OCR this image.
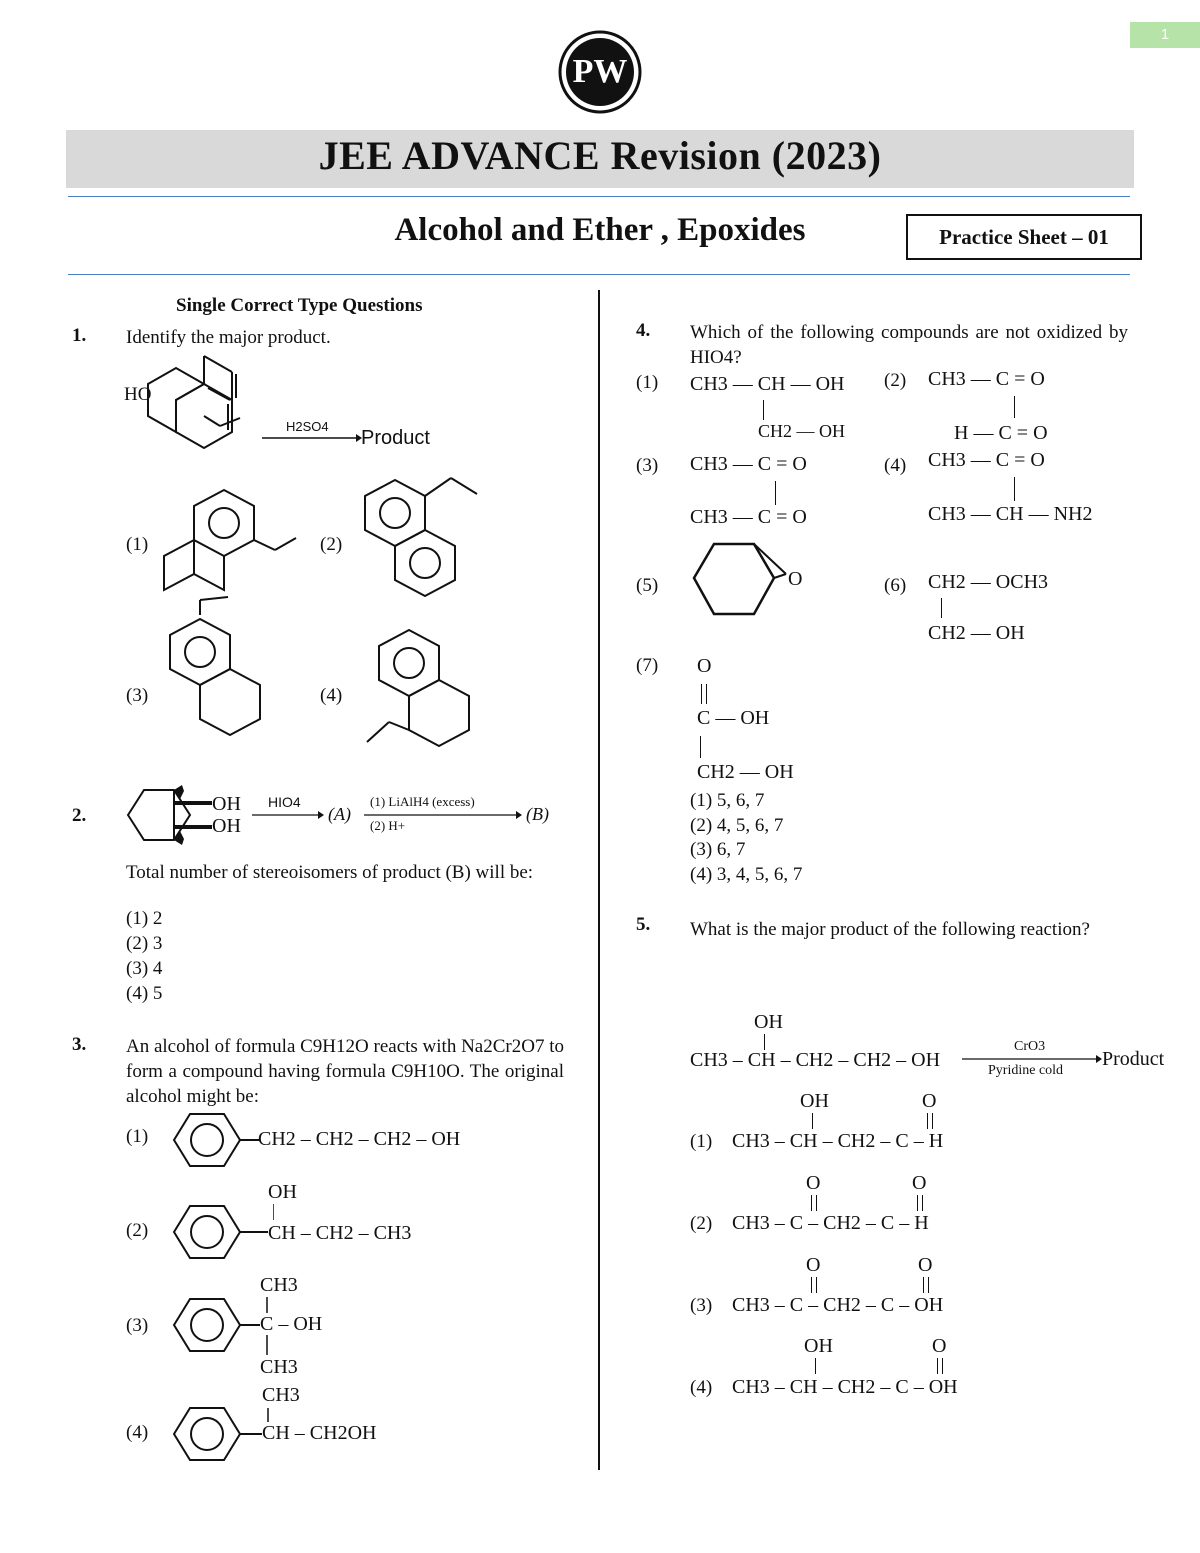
1
PW
JEE ADVANCE Revision (2023)
Alcohol and Ether , Epoxides	Practice Sheet – 01
Single Correct Type Questions
1. Identify the major product.
HO
H2SO4
Product
(1)	(2)
(3)	(4)
2.
OH
OH
HIO4
(A)
(1) LiAlH4 (excess)
(2) H+
(B)
Total number of stereoisomers of product (B) will be:
(1) 2
(2) 3
(3) 4
(4) 5
3. An alcohol of formula C9H12O reacts with Na2Cr2O7 to form a compound having formula C9H10O. The original alcohol might be:
(1)	CH2 – CH2 – CH2 – OH
(2)
OH
CH – CH2 – CH3
(3)
CH3
C – OH
CH3
(4)
CH3
CH – CH2OH
4. Which of the following compounds are not oxidized by HIO4?
(1) CH3 — CH — OH
CH2 — OH
(2) CH3 — C = O
H — C = O
(3) CH3 — C = O
CH3 — C = O
(4) CH3 — C = O
CH3 — CH — NH2
(5)	O	(6) CH2 — OCH3
CH2 — OH
(7) O
C — OH
CH2 — OH
(1) 5, 6, 7
(2) 4, 5, 6, 7
(3) 6, 7
(4) 3, 4, 5, 6, 7
5. What is the major product of the following reaction?
OH
CH3 – CH – CH2 – CH2 – OH
CrO3
Pyridine cold
Product
OH	O
(1) CH3 – CH – CH2 – C – H
O	O
(2) CH3 – C – CH2 – C – H
O	O
(3) CH3 – C – CH2 – C – OH
OH	O
(4) CH3 – CH – CH2 – C – OH
